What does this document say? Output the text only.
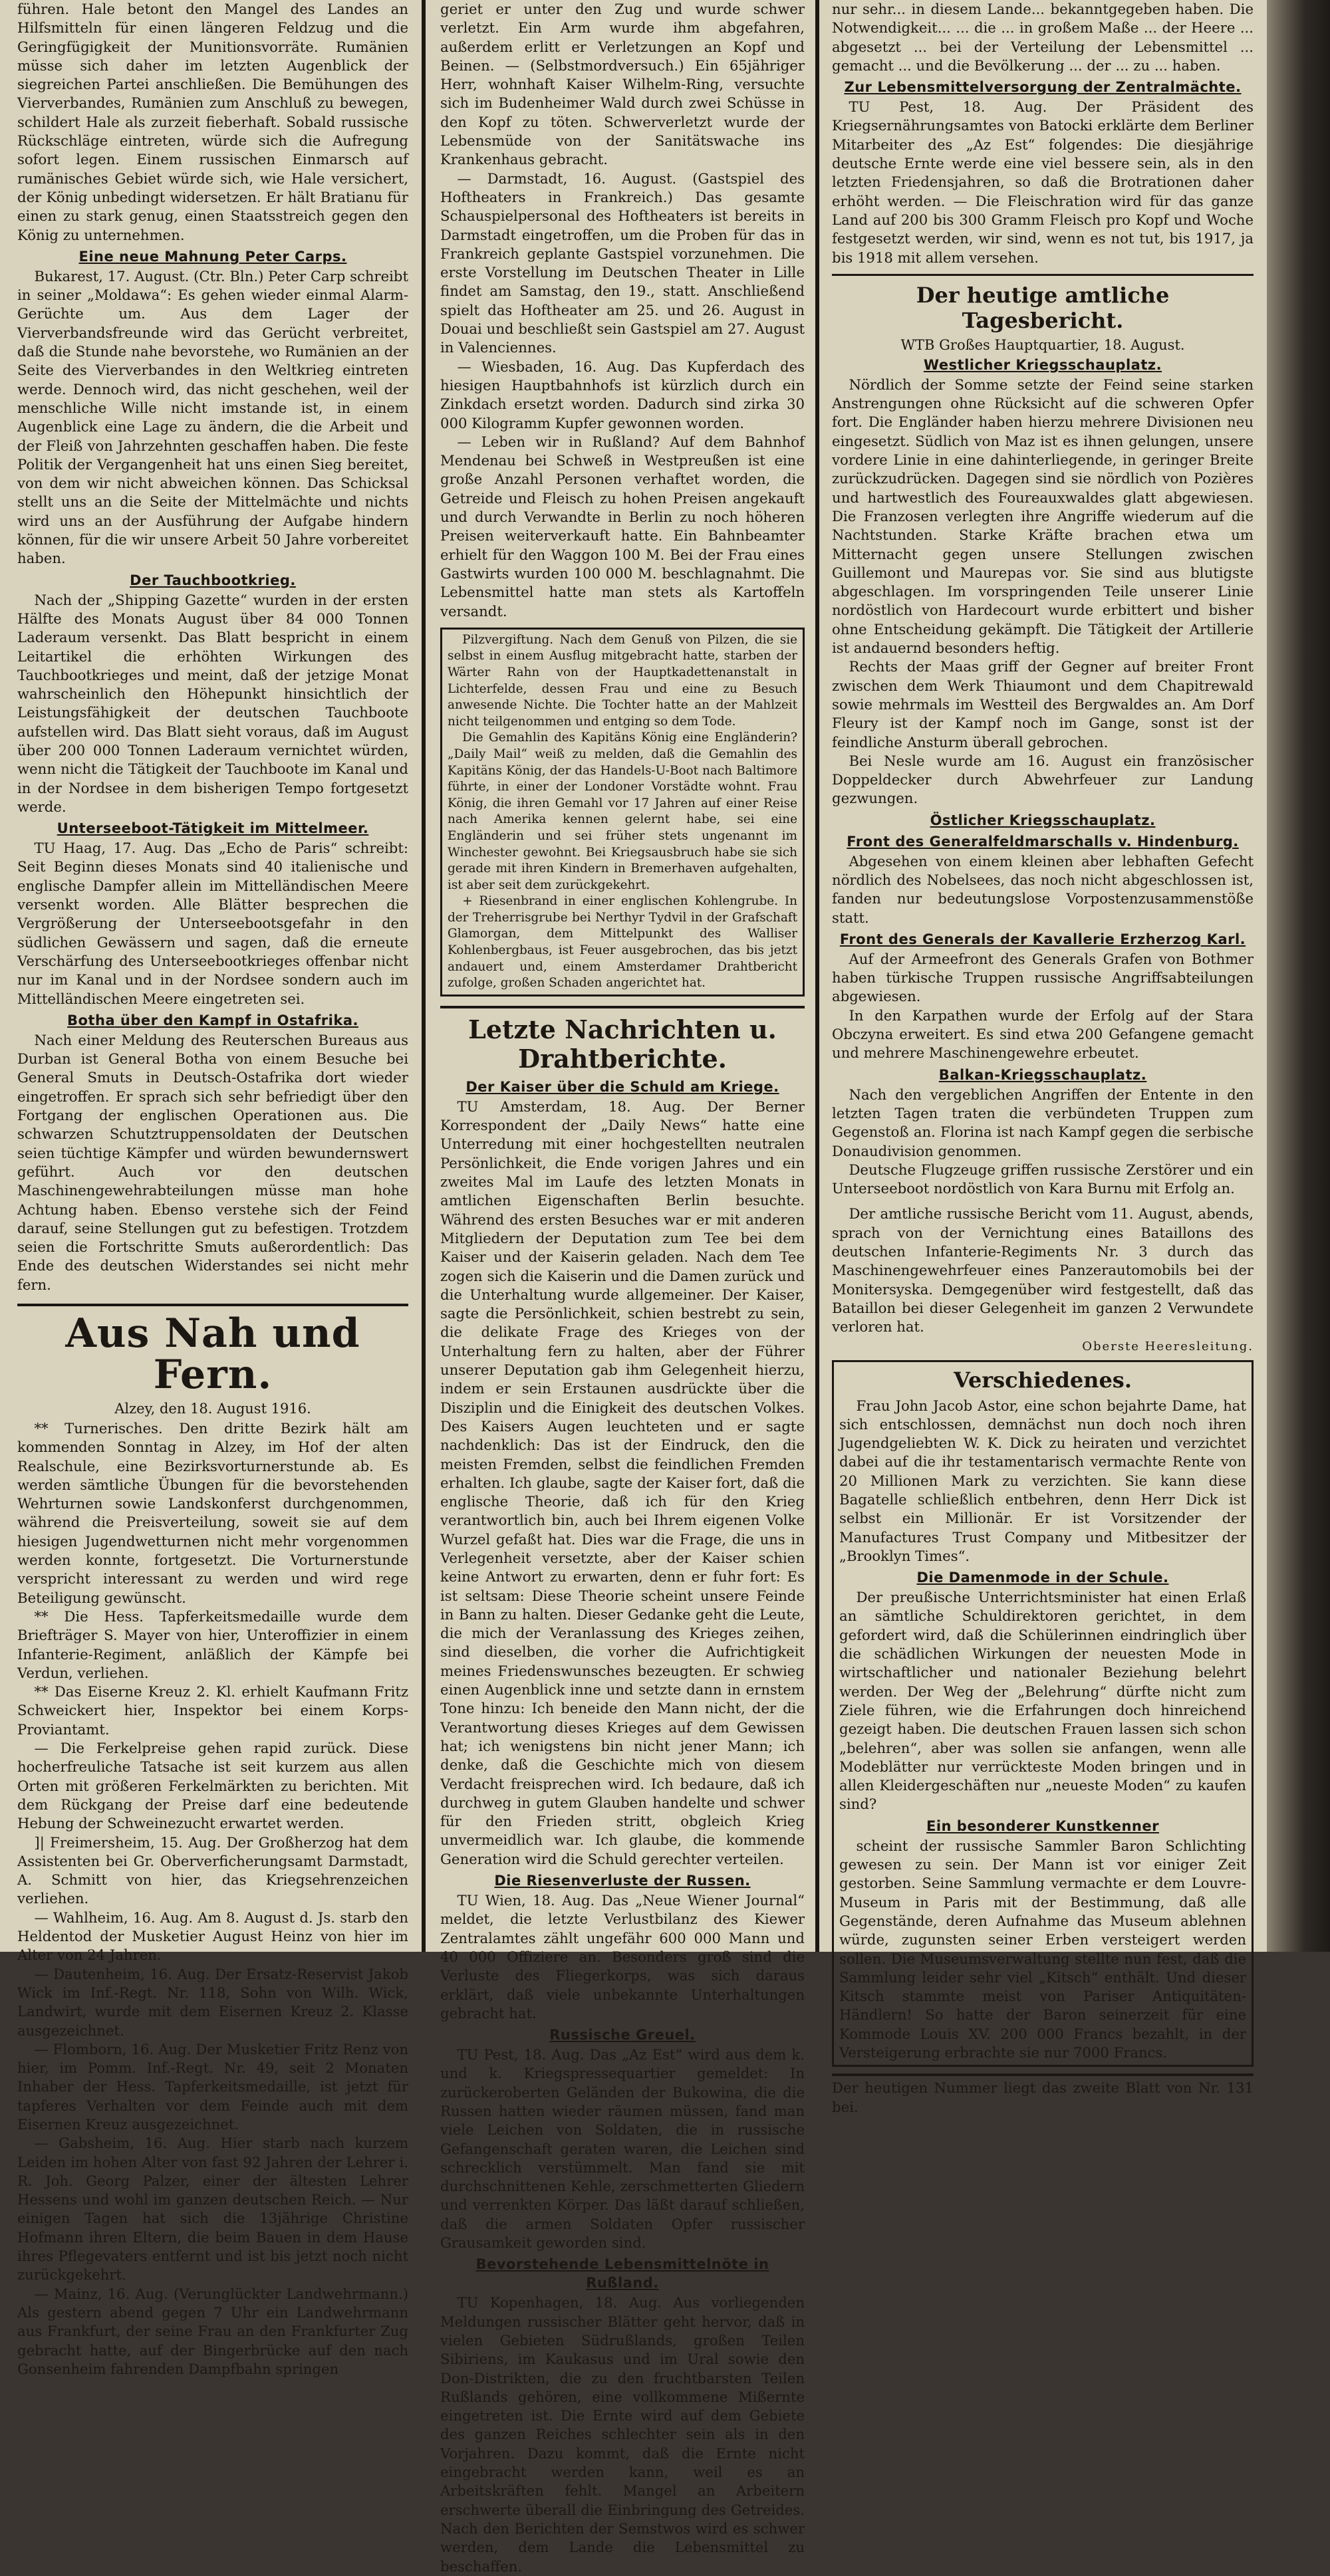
führen. Hale betont den Mangel des Landes an Hilfsmitteln für einen längeren Feldzug und die Geringfügigkeit der Munitionsvorräte. Rumänien müsse sich daher im letzten Augenblick der siegreichen Partei anschließen. Die Bemühungen des Vierverbandes, Rumänien zum Anschluß zu bewegen, schildert Hale als zurzeit fieberhaft. Sobald russische Rückschläge eintreten, würde sich die Aufregung sofort legen. Einem russischen Einmarsch auf rumänisches Gebiet würde sich, wie Hale versichert, der König unbedingt widersetzen. Er hält Bratianu für einen zu stark genug, einen Staatsstreich gegen den König zu unternehmen.

Eine neue Mahnung Peter Carps.

Bukarest, 17. August. (Ctr. Bln.) Peter Carp schreibt in seiner „Moldawa“: Es gehen wieder einmal Alarm-Gerüchte um. Aus dem Lager der Vierverbandsfreunde wird das Gerücht verbreitet, daß die Stunde nahe bevorstehe, wo Rumänien an der Seite des Vierverbandes in den Weltkrieg eintreten werde. Dennoch wird, das nicht geschehen, weil der menschliche Wille nicht imstande ist, in einem Augenblick eine Lage zu ändern, die die Arbeit und der Fleiß von Jahrzehnten geschaffen haben. Die feste Politik der Vergangenheit hat uns einen Sieg bereitet, von dem wir nicht abweichen können. Das Schicksal stellt uns an die Seite der Mittelmächte und nichts wird uns an der Ausführung der Aufgabe hindern können, für die wir unsere Arbeit 50 Jahre vorbereitet haben.

Der Tauchbootkrieg.

Nach der „Shipping Gazette“ wurden in der ersten Hälfte des Monats August über 84 000 Tonnen Laderaum versenkt. Das Blatt bespricht in einem Leitartikel die erhöhten Wirkungen des Tauchbootkrieges und meint, daß der jetzige Monat wahrscheinlich den Höhepunkt hinsichtlich der Leistungsfähigkeit der deutschen Tauchboote aufstellen wird. Das Blatt sieht voraus, daß im August über 200 000 Tonnen Laderaum vernichtet würden, wenn nicht die Tätigkeit der Tauchboote im Kanal und in der Nordsee in dem bisherigen Tempo fortgesetzt werde.

Unterseeboot-Tätigkeit im Mittelmeer.

TU Haag, 17. Aug. Das „Echo de Paris“ schreibt: Seit Beginn dieses Monats sind 40 italienische und englische Dampfer allein im Mittelländischen Meere versenkt worden. Alle Blätter besprechen die Vergrößerung der Unterseebootsgefahr in den südlichen Gewässern und sagen, daß die erneute Verschärfung des Unterseebootkrieges offenbar nicht nur im Kanal und in der Nordsee sondern auch im Mittelländischen Meere eingetreten sei.

Botha über den Kampf in Ostafrika.

Nach einer Meldung des Reuterschen Bureaus aus Durban ist General Botha von einem Besuche bei General Smuts in Deutsch-Ostafrika dort wieder eingetroffen. Er sprach sich sehr befriedigt über den Fortgang der englischen Operationen aus. Die schwarzen Schutztruppensoldaten der Deutschen seien tüchtige Kämpfer und würden bewundernswert geführt. Auch vor den deutschen Maschinengewehrabteilungen müsse man hohe Achtung haben. Ebenso verstehe sich der Feind darauf, seine Stellungen gut zu befestigen. Trotzdem seien die Fortschritte Smuts außerordentlich: Das Ende des deutschen Widerstandes sei nicht mehr fern.

Aus Nah und Fern.
Alzey, den 18. August 1916.

** Turnerisches. Den dritte Bezirk hält am kommenden Sonntag in Alzey, im Hof der alten Realschule, eine Bezirksvorturnerstunde ab. Es werden sämtliche Übungen für die bevorstehenden Wehrturnen sowie Landskonferst durchgenommen, während die Preisverteilung, soweit sie auf dem hiesigen Jugendwetturnen nicht mehr vorgenommen werden konnte, fortgesetzt. Die Vorturnerstunde verspricht interessant zu werden und wird rege Beteiligung gewünscht.

** Die Hess. Tapferkeitsmedaille wurde dem Briefträger S. Mayer von hier, Unteroffizier in einem Infanterie-Regiment, anläßlich der Kämpfe bei Verdun, verliehen.

** Das Eiserne Kreuz 2. Kl. erhielt Kaufmann Fritz Schweickert hier, Inspektor bei einem Korps-Proviantamt.

— Die Ferkelpreise gehen rapid zurück. Diese hocherfreuliche Tatsache ist seit kurzem aus allen Orten mit größeren Ferkelmärkten zu berichten. Mit dem Rückgang der Preise darf eine bedeutende Hebung der Schweinezucht erwartet werden.

]| Freimersheim, 15. Aug. Der Großherzog hat dem Assistenten bei Gr. Oberverficherungsamt Darmstadt, A. Schmitt von hier, das Kriegsehrenzeichen verliehen.

— Wahlheim, 16. Aug. Am 8. August d. Js. starb den Heldentod der Musketier August Heinz von hier im Alter von 24 Jahren.

— Dautenheim, 16. Aug. Der Ersatz-Reservist Jakob Wick im Inf.-Regt. Nr. 118, Sohn von Wilh. Wick, Landwirt, wurde mit dem Eisernen Kreuz 2. Klasse ausgezeichnet.

— Flomborn, 16. Aug. Der Musketier Fritz Renz von hier, im Pomm. Inf.-Regt. Nr. 49, seit 2 Monaten Inhaber der Hess. Tapferkeitsmedaille, ist jetzt für tapferes Verhalten vor dem Feinde auch mit dem Eisernen Kreuz ausgezeichnet.

— Gabsheim, 16. Aug. Hier starb nach kurzem Leiden im hohen Alter von fast 92 Jahren der Lehrer i. R. Joh. Georg Palzer, einer der ältesten Lehrer Hessens und wohl im ganzen deutschen Reich. — Nur einigen Tagen hat sich die 13jährige Christine Hofmann ihren Eltern, die beim Bauen in dem Hause ihres Pflegevaters entfernt und ist bis jetzt noch nicht zurückgekehrt.

— Mainz, 16. Aug. (Verunglückter Landwehrmann.) Als gestern abend gegen 7 Uhr ein Landwehrmann aus Frankfurt, der seine Frau an den Frankfurter Zug gebracht hatte, auf der Bingerbrücke auf den nach Gonsenheim fahrenden Dampfbahn springen

geriet er unter den Zug und wurde schwer verletzt. Ein Arm wurde ihm abgefahren, außerdem erlitt er Verletzungen an Kopf und Beinen. — (Selbstmordversuch.) Ein 65jähriger Herr, wohnhaft Kaiser Wilhelm-Ring, versuchte sich im Budenheimer Wald durch zwei Schüsse in den Kopf zu töten. Schwerverletzt wurde der Lebensmüde von der Sanitätswache ins Krankenhaus gebracht.

— Darmstadt, 16. August. (Gastspiel des Hoftheaters in Frankreich.) Das gesamte Schauspielpersonal des Hoftheaters ist bereits in Darmstadt eingetroffen, um die Proben für das in Frankreich geplante Gastspiel vorzunehmen. Die erste Vorstellung im Deutschen Theater in Lille findet am Samstag, den 19., statt. Anschließend spielt das Hoftheater am 25. und 26. August in Douai und beschließt sein Gastspiel am 27. August in Valenciennes.

— Wiesbaden, 16. Aug. Das Kupferdach des hiesigen Hauptbahnhofs ist kürzlich durch ein Zinkdach ersetzt worden. Dadurch sind zirka 30 000 Kilogramm Kupfer gewonnen worden.

— Leben wir in Rußland? Auf dem Bahnhof Mendenau bei Schweß in Westpreußen ist eine große Anzahl Personen verhaftet worden, die Getreide und Fleisch zu hohen Preisen angekauft und durch Verwandte in Berlin zu noch höheren Preisen weiterverkauft hatte. Ein Bahnbeamter erhielt für den Waggon 100 M. Bei der Frau eines Gastwirts wurden 100 000 M. beschlagnahmt. Die Lebensmittel hatte man stets als Kartoffeln versandt.

Pilzvergiftung. Nach dem Genuß von Pilzen, die sie selbst in einem Ausflug mitgebracht hatte, starben der Wärter Rahn von der Hauptkadettenanstalt in Lichterfelde, dessen Frau und eine zu Besuch anwesende Nichte. Die Tochter hatte an der Mahlzeit nicht teilgenommen und entging so dem Tode.

Die Gemahlin des Kapitäns König eine Engländerin? „Daily Mail“ weiß zu melden, daß die Gemahlin des Kapitäns König, der das Handels-U-Boot nach Baltimore führte, in einer der Londoner Vorstädte wohnt. Frau König, die ihren Gemahl vor 17 Jahren auf einer Reise nach Amerika kennen gelernt habe, sei eine Engländerin und sei früher stets ungenannt im Winchester gewohnt. Bei Kriegsausbruch habe sie sich gerade mit ihren Kindern in Bremerhaven aufgehalten, ist aber seit dem zurückgekehrt.

+ Riesenbrand in einer englischen Kohlengrube. In der Treherrisgrube bei Nerthyr Tydvil in der Grafschaft Glamorgan, dem Mittelpunkt des Walliser Kohlenbergbaus, ist Feuer ausgebrochen, das bis jetzt andauert und, einem Amsterdamer Drahtbericht zufolge, großen Schaden angerichtet hat.

Letzte Nachrichten u. Drahtberichte.
Der Kaiser über die Schuld am Kriege.

TU Amsterdam, 18. Aug. Der Berner Korrespondent der „Daily News“ hatte eine Unterredung mit einer hochgestellten neutralen Persönlichkeit, die Ende vorigen Jahres und ein zweites Mal im Laufe des letzten Monats in amtlichen Eigenschaften Berlin besuchte. Während des ersten Besuches war er mit anderen Mitgliedern der Deputation zum Tee bei dem Kaiser und der Kaiserin geladen. Nach dem Tee zogen sich die Kaiserin und die Damen zurück und die Unterhaltung wurde allgemeiner. Der Kaiser, sagte die Persönlichkeit, schien bestrebt zu sein, die delikate Frage des Krieges von der Unterhaltung fern zu halten, aber der Führer unserer Deputation gab ihm Gelegenheit hierzu, indem er sein Erstaunen ausdrückte über die Disziplin und die Einigkeit des deutschen Volkes. Des Kaisers Augen leuchteten und er sagte nachdenklich: Das ist der Eindruck, den die meisten Fremden, selbst die feindlichen Fremden erhalten. Ich glaube, sagte der Kaiser fort, daß die englische Theorie, daß ich für den Krieg verantwortlich bin, auch bei Ihrem eigenen Volke Wurzel gefaßt hat. Dies war die Frage, die uns in Verlegenheit versetzte, aber der Kaiser schien keine Antwort zu erwarten, denn er fuhr fort: Es ist seltsam: Diese Theorie scheint unsere Feinde in Bann zu halten. Dieser Gedanke geht die Leute, die mich der Veranlassung des Krieges zeihen, sind dieselben, die vorher die Aufrichtigkeit meines Friedenswunsches bezeugten. Er schwieg einen Augenblick inne und setzte dann in ernstem Tone hinzu: Ich beneide den Mann nicht, der die Verantwortung dieses Krieges auf dem Gewissen hat; ich wenigstens bin nicht jener Mann; ich denke, daß die Geschichte mich von diesem Verdacht freisprechen wird. Ich bedaure, daß ich durchweg in gutem Glauben handelte und schwer für den Frieden stritt, obgleich Krieg unvermeidlich war. Ich glaube, die kommende Generation wird die Schuld gerechter verteilen.

Die Riesenverluste der Russen.

TU Wien, 18. Aug. Das „Neue Wiener Journal“ meldet, die letzte Verlustbilanz des Kiewer Zentralamtes zählt ungefähr 600 000 Mann und 40 000 Offiziere an. Besonders groß sind die Verluste des Fliegerkorps, was sich daraus erklärt, daß viele unbekannte Unterhaltungen gebracht hat.

Russische Greuel.

TU Pest, 18. Aug. Das „Az Est“ wird aus dem k. und k. Kriegspressequartier gemeldet: In zurückeroberten Geländen der Bukowina, die die Russen hatten wieder räumen müssen, fand man viele Leichen von Soldaten, die in russische Gefangenschaft geraten waren, die Leichen sind schrecklich verstümmelt. Man fand sie mit durchschnittenen Kehle, zerschmetterten Gliedern und verrenkten Körper. Das läßt darauf schließen, daß die armen Soldaten Opfer russischer Grausamkeit geworden sind.

Bevorstehende Lebensmittelnöte in Rußland.

TU Kopenhagen, 18. Aug. Aus vorliegenden Meldungen russischer Blätter geht hervor, daß in vielen Gebieten Südrußlands, großen Teilen Sibiriens, im Kaukasus und im Ural sowie den Don-Distrikten, die zu den fruchtbarsten Teilen Rußlands gehören, eine vollkommene Mißernte eingetreten ist. Die Ernte wird auf dem Gebiete des ganzen Reiches schlechter sein als in den Vorjahren. Dazu kommt, daß die Ernte nicht eingebracht werden kann, weil es an Arbeitskräften fehlt. Mangel an Arbeitern erschwerte überall die Einbringung des Getreides. Nach den Berichten der Semstwos wird es schwer werden, dem Lande die Lebensmittel zu beschaffen.

nur sehr... in diesem Lande... bekanntgegeben haben. Die Notwendigkeit... ... die ... in großem Maße ... der Heere ... abgesetzt ... bei der Verteilung der Lebensmittel ... gemacht ... und die Bevölkerung ... der ... zu ... haben.

Zur Lebensmittelversorgung der Zentralmächte.

TU Pest, 18. Aug. Der Präsident des Kriegsernährungsamtes von Batocki erklärte dem Berliner Mitarbeiter des „Az Est“ folgendes: Die diesjährige deutsche Ernte werde eine viel bessere sein, als in den letzten Friedensjahren, so daß die Brotrationen daher erhöht werden. — Die Fleischration wird für das ganze Land auf 200 bis 300 Gramm Fleisch pro Kopf und Woche festgesetzt werden, wir sind, wenn es not tut, bis 1917, ja bis 1918 mit allem versehen.

Der heutige amtliche Tagesbericht.
WTB Großes Hauptquartier, 18. August.
Westlicher Kriegsschauplatz.

Nördlich der Somme setzte der Feind seine starken Anstrengungen ohne Rücksicht auf die schweren Opfer fort. Die Engländer haben hierzu mehrere Divisionen neu eingesetzt. Südlich von Maz ist es ihnen gelungen, unsere vordere Linie in eine dahinterliegende, in geringer Breite zurückzudrücken. Dagegen sind sie nördlich von Pozières und hartwestlich des Foureauxwaldes glatt abgewiesen. Die Franzosen verlegten ihre Angriffe wiederum auf die Nachtstunden. Starke Kräfte brachen etwa um Mitternacht gegen unsere Stellungen zwischen Guillemont und Maurepas vor. Sie sind aus blutigste abgeschlagen. Im vorspringenden Teile unserer Linie nordöstlich von Hardecourt wurde erbittert und bisher ohne Entscheidung gekämpft. Die Tätigkeit der Artillerie ist andauernd besonders heftig.

Rechts der Maas griff der Gegner auf breiter Front zwischen dem Werk Thiaumont und dem Chapitrewald sowie mehrmals im Westteil des Bergwaldes an. Am Dorf Fleury ist der Kampf noch im Gange, sonst ist der feindliche Ansturm überall gebrochen.

Bei Nesle wurde am 16. August ein französischer Doppeldecker durch Abwehrfeuer zur Landung gezwungen.

Östlicher Kriegsschauplatz.
Front des Generalfeldmarschalls v. Hindenburg.

Abgesehen von einem kleinen aber lebhaften Gefecht nördlich des Nobelsees, das noch nicht abgeschlossen ist, fanden nur bedeutungslose Vorpostenzusammenstöße statt.

Front des Generals der Kavallerie Erzherzog Karl.

Auf der Armeefront des Generals Grafen von Bothmer haben türkische Truppen russische Angriffsabteilungen abgewiesen.

In den Karpathen wurde der Erfolg auf der Stara Obczyna erweitert. Es sind etwa 200 Gefangene gemacht und mehrere Maschinengewehre erbeutet.

Balkan-Kriegsschauplatz.

Nach den vergeblichen Angriffen der Entente in den letzten Tagen traten die verbündeten Truppen zum Gegenstoß an. Florina ist nach Kampf gegen die serbische Donaudivision genommen.

Deutsche Flugzeuge griffen russische Zerstörer und ein Unterseeboot nordöstlich von Kara Burnu mit Erfolg an.

Der amtliche russische Bericht vom 11. August, abends, sprach von der Vernichtung eines Bataillons des deutschen Infanterie-Regiments Nr. 3 durch das Maschinengewehrfeuer eines Panzerautomobils bei der Monitersyska. Demgegenüber wird festgestellt, daß das Bataillon bei dieser Gelegenheit im ganzen 2 Verwundete verloren hat.

Oberste Heeresleitung.
Verschiedenes.

Frau John Jacob Astor, eine schon bejahrte Dame, hat sich entschlossen, demnächst nun doch noch ihren Jugendgeliebten W. K. Dick zu heiraten und verzichtet dabei auf die ihr testamentarisch vermachte Rente von 20 Millionen Mark zu verzichten. Sie kann diese Bagatelle schließlich entbehren, denn Herr Dick ist selbst ein Millionär. Er ist Vorsitzender der Manufactures Trust Company und Mitbesitzer der „Brooklyn Times“.

Die Damenmode in der Schule.

Der preußische Unterrichtsminister hat einen Erlaß an sämtliche Schuldirektoren gerichtet, in dem gefordert wird, daß die Schülerinnen eindringlich über die schädlichen Wirkungen der neuesten Mode in wirtschaftlicher und nationaler Beziehung belehrt werden. Der Weg der „Belehrung“ dürfte nicht zum Ziele führen, wie die Erfahrungen doch hinreichend gezeigt haben. Die deutschen Frauen lassen sich schon „belehren“, aber was sollen sie anfangen, wenn alle Modeblätter nur verrückteste Moden bringen und in allen Kleidergeschäften nur „neueste Moden“ zu kaufen sind?

Ein besonderer Kunstkenner

scheint der russische Sammler Baron Schlichting gewesen zu sein. Der Mann ist vor einiger Zeit gestorben. Seine Sammlung vermachte er dem Louvre-Museum in Paris mit der Bestimmung, daß alle Gegenstände, deren Aufnahme das Museum ablehnen würde, zugunsten seiner Erben versteigert werden sollen. Die Museumsverwaltung stellte nun fest, daß die Sammlung leider sehr viel „Kitsch“ enthält. Und dieser Kitsch stammte meist von Pariser Antiquitäten-Händlern! So hatte der Baron seinerzeit für eine Kommode Louis XV. 200 000 Francs bezahlt, in der Versteigerung erbrachte sie nur 7000 Francs.

Der heutigen Nummer liegt das zweite Blatt von Nr. 131 bei.
